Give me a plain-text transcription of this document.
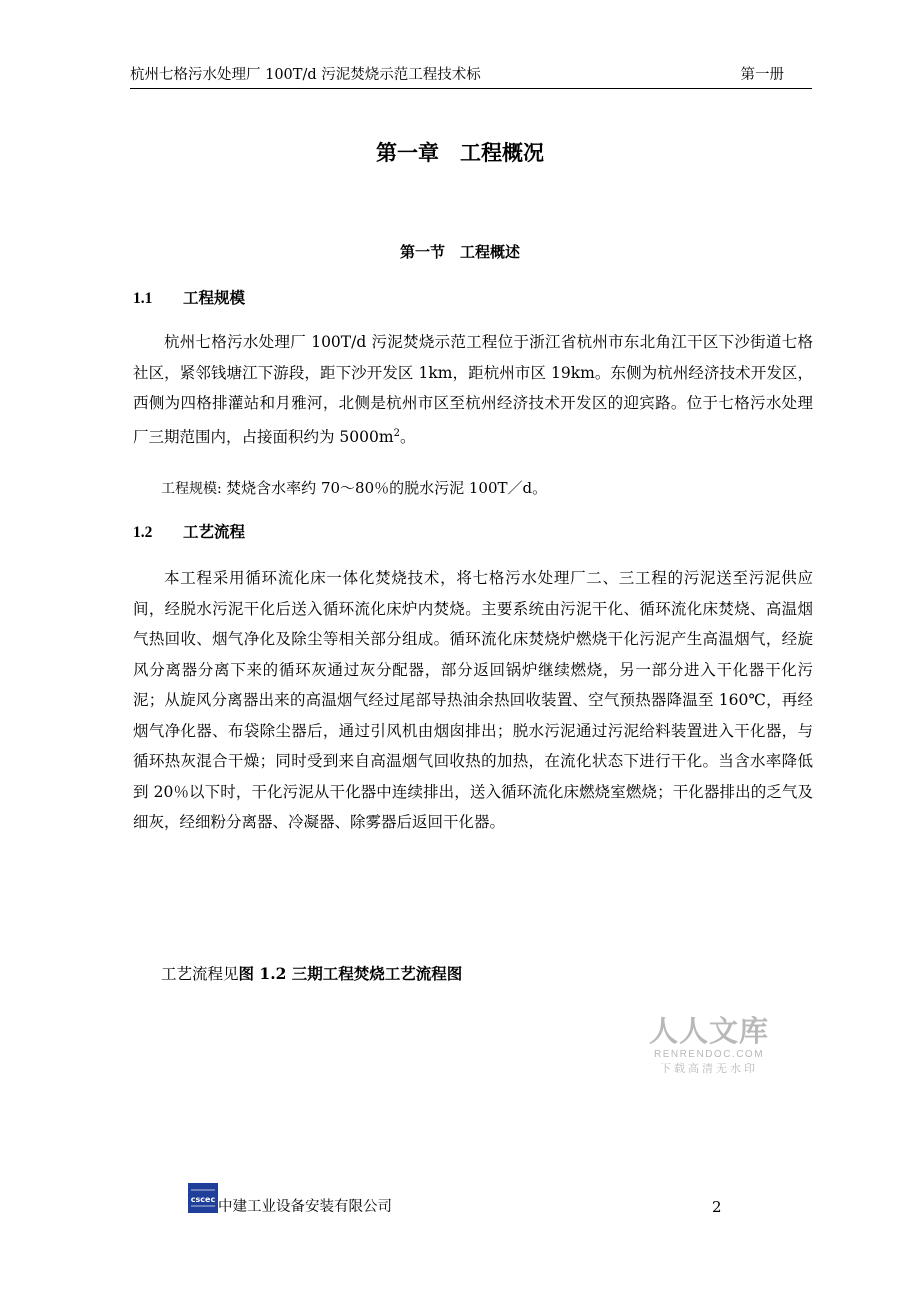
杭州七格污水处理厂 100T/d 污泥焚烧示范工程技术标	第一册
第一章　工程概况
第一节　工程概述
1.1 工程规模
杭州七格污水处理厂 100T/d 污泥焚烧示范工程位于浙江省杭州市东北角江干区下沙街道七格社区，紧邻钱塘江下游段，距下沙开发区 1km，距杭州市区 19km。东侧为杭州经济技术开发区，西侧为四格排灌站和月雅河，北侧是杭州市区至杭州经济技术开发区的迎宾路。位于七格污水处理厂三期范围内，占接面积约为 $5000m^2$。
工程规模: 焚烧含水率约 70～80％的脱水污泥 100T／d。
1.2 工艺流程
本工程采用循环流化床一体化焚烧技术，将七格污水处理厂二、三工程的污泥送至污泥供应间，经脱水污泥干化后送入循环流化床炉内焚烧。主要系统由污泥干化、循环流化床焚烧、高温烟气热回收、烟气净化及除尘等相关部分组成。循环流化床焚烧炉燃烧干化污泥产生高温烟气，经旋风分离器分离下来的循环灰通过灰分配器，部分返回锅炉继续燃烧，另一部分进入干化器干化污泥；从旋风分离器出来的高温烟气经过尾部导热油余热回收装置、空气预热器降温至 160℃，再经烟气净化器、布袋除尘器后，通过引风机由烟囱排出；脱水污泥通过污泥给料装置进入干化器，与循环热灰混合干燥；同时受到来自高温烟气回收热的加热，在流化状态下进行干化。当含水率降低到 20％以下时，干化污泥从干化器中连续排出，送入循环流化床燃烧室燃烧；干化器排出的乏气及细灰，经细粉分离器、冷凝器、除雾器后返回干化器。
工艺流程见图 1.2 三期工程焚烧工艺流程图
人人文库
RENRENDOC.COM
下载高清无水印
cscec 中建工业设备安装有限公司	2
